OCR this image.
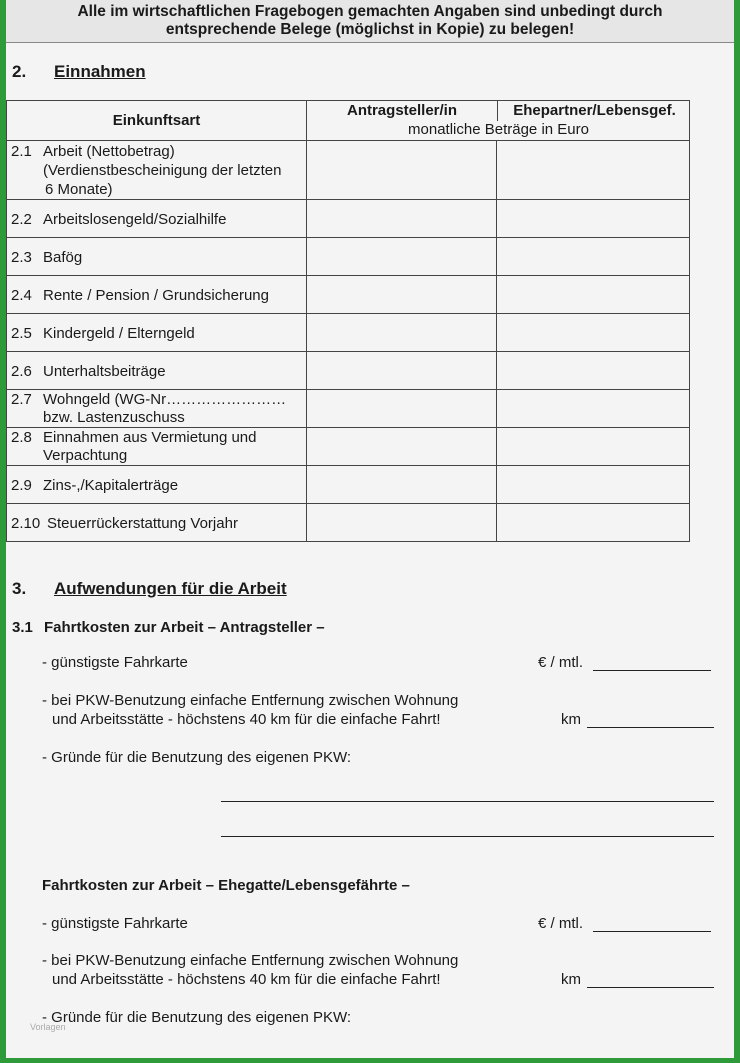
Alle im wirtschaftlichen Fragebogen gemachten Angaben sind unbedingt durch
entsprechende Belege (möglichst in Kopie) zu belegen!
2. Einnahmen
Einkunftsart	Antragsteller/in Ehepartner/Lebensgef.
monatliche Beträge in Euro	

2.1 Arbeit (Nettobetrag)
(Verdienstbescheinigung der letzten
6 Monate)		

2.2 Arbeitslosengeld/Sozialhilfe		
2.3 Bafög		
2.4 Rente / Pension / Grundsicherung		
2.5 Kindergeld / Elterngeld		
2.6 Unterhaltsbeiträge		
2.7 Wohngeld (WG-Nr……………………
bzw. Lastenzuschuss		

2.8 Einnahmen aus Vermietung und
Verpachtung		

2.9 Zins-,/Kapitalerträge		
2.10 Steuerrückerstattung Vorjahr		
3. Aufwendungen für die Arbeit
3.1 Fahrtkosten zur Arbeit – Antragsteller –
- günstigste Fahrkarte	€ / mtl.
- bei PKW-Benutzung einfache Entfernung zwischen Wohnung
und Arbeitsstätte - höchstens 40 km für die einfache Fahrt!	km
- Gründe für die Benutzung des eigenen PKW:
Fahrtkosten zur Arbeit – Ehegatte/Lebensgefährte –
- günstigste Fahrkarte	€ / mtl.
- bei PKW-Benutzung einfache Entfernung zwischen Wohnung
und Arbeitsstätte - höchstens 40 km für die einfache Fahrt!	km
- Gründe für die Benutzung des eigenen PKW:
Vorlagen
